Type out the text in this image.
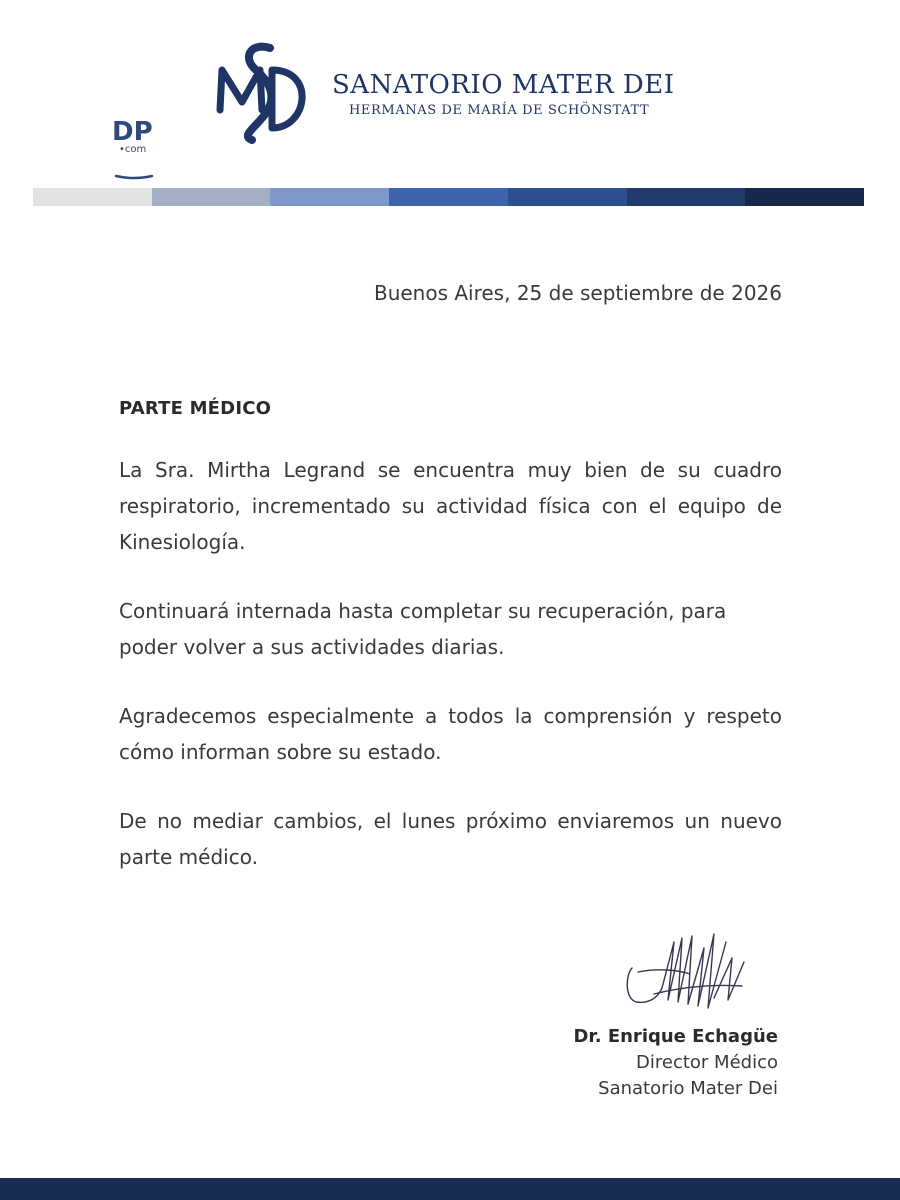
SANATORIO MATER DEI
HERMANAS DE MARÍA DE SCHÖNSTATT
DP
•com
Buenos Aires, 25 de septiembre de 2026
PARTE MÉDICO

La Sra. Mirtha Legrand se encuentra muy bien de su cuadro respiratorio, incrementado su actividad física con el equipo de Kinesiología.

Continuará internada hasta completar su recuperación, para poder volver a sus actividades diarias.

Agradecemos especialmente a todos la comprensión y respeto cómo informan sobre su estado.

De no mediar cambios, el lunes próximo enviaremos un nuevo parte médico.

Dr. Enrique Echagüe
Director Médico
Sanatorio Mater Dei
